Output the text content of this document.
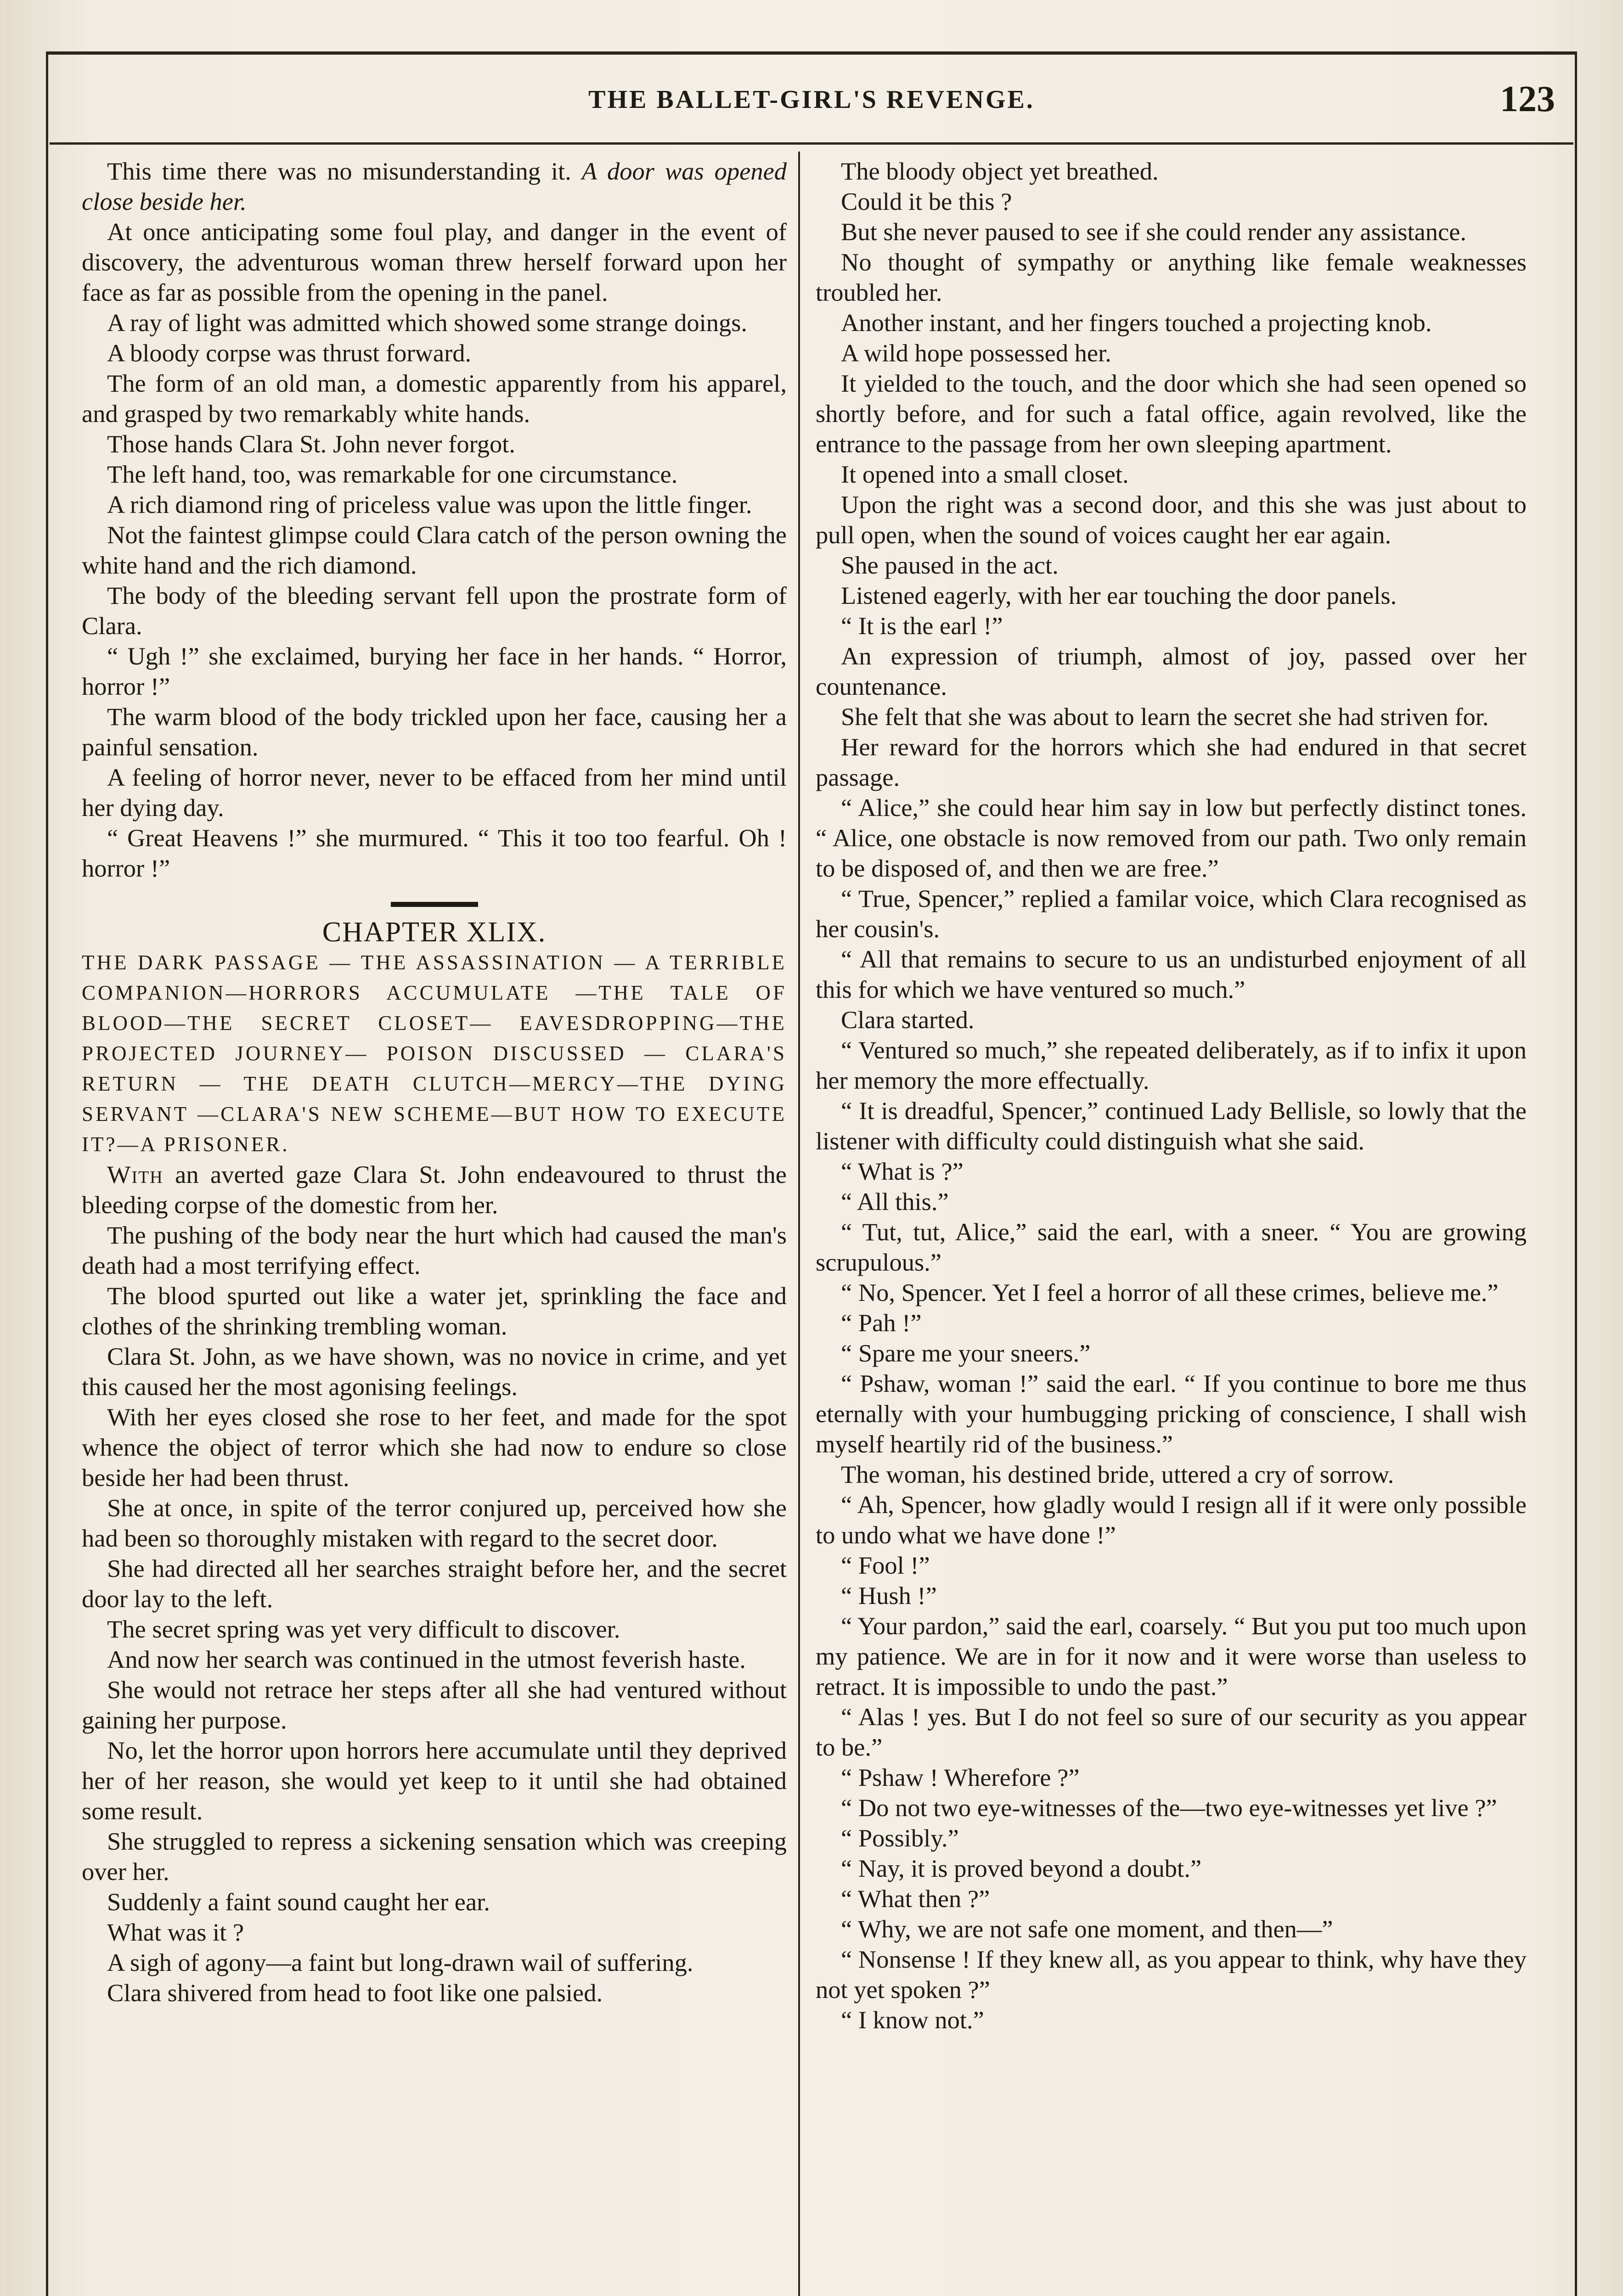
THE BALLET-GIRL'S REVENGE.	123

This time there was no misunderstanding it. A door was opened close beside her.

At once anticipating some foul play, and danger in the event of discovery, the adventurous woman threw herself forward upon her face as far as possible from the opening in the panel.

A ray of light was admitted which showed some strange doings.

A bloody corpse was thrust forward.

The form of an old man, a domestic apparently from his apparel, and grasped by two remarkably white hands.

Those hands Clara St. John never forgot.

The left hand, too, was remarkable for one circumstance.

A rich diamond ring of priceless value was upon the little finger.

Not the faintest glimpse could Clara catch of the person owning the white hand and the rich diamond.

The body of the bleeding servant fell upon the prostrate form of Clara.

“ Ugh !” she exclaimed, burying her face in her hands. “ Horror, horror !”

The warm blood of the body trickled upon her face, causing her a painful sensation.

A feeling of horror never, never to be effaced from her mind until her dying day.

“ Great Heavens !” she murmured. “ This it too too fearful. Oh ! horror !”

CHAPTER XLIX.

THE DARK PASSAGE — THE ASSASSINATION — A TERRIBLE COMPANION—HORRORS ACCUMULATE —THE TALE OF BLOOD—THE SECRET CLOSET— EAVESDROPPING—THE PROJECTED JOURNEY— POISON DISCUSSED — CLARA'S RETURN — THE DEATH CLUTCH—MERCY—THE DYING SERVANT —CLARA'S NEW SCHEME—BUT HOW TO EXECUTE IT?—A PRISONER.

With an averted gaze Clara St. John endeavoured to thrust the bleeding corpse of the domestic from her.

The pushing of the body near the hurt which had caused the man's death had a most terrifying effect.

The blood spurted out like a water jet, sprinkling the face and clothes of the shrinking trembling woman.

Clara St. John, as we have shown, was no novice in crime, and yet this caused her the most agonising feelings.

With her eyes closed she rose to her feet, and made for the spot whence the object of terror which she had now to endure so close beside her had been thrust.

She at once, in spite of the terror conjured up, perceived how she had been so thoroughly mistaken with regard to the secret door.

She had directed all her searches straight before her, and the secret door lay to the left.

The secret spring was yet very difficult to discover.

And now her search was continued in the utmost feverish haste.

She would not retrace her steps after all she had ventured without gaining her purpose.

No, let the horror upon horrors here accumulate until they deprived her of her reason, she would yet keep to it until she had obtained some result.

She struggled to repress a sickening sensation which was creeping over her.

Suddenly a faint sound caught her ear.

What was it ?

A sigh of agony—a faint but long-drawn wail of suffering.

Clara shivered from head to foot like one palsied.

The bloody object yet breathed.

Could it be this ?

But she never paused to see if she could render any assistance.

No thought of sympathy or anything like female weaknesses troubled her.

Another instant, and her fingers touched a projecting knob.

A wild hope possessed her.

It yielded to the touch, and the door which she had seen opened so shortly before, and for such a fatal office, again revolved, like the entrance to the passage from her own sleeping apartment.

It opened into a small closet.

Upon the right was a second door, and this she was just about to pull open, when the sound of voices caught her ear again.

She paused in the act.

Listened eagerly, with her ear touching the door panels.

“ It is the earl !”

An expression of triumph, almost of joy, passed over her countenance.

She felt that she was about to learn the secret she had striven for.

Her reward for the horrors which she had endured in that secret passage.

“ Alice,” she could hear him say in low but perfectly distinct tones. “ Alice, one obstacle is now removed from our path. Two only remain to be disposed of, and then we are free.”

“ True, Spencer,” replied a familar voice, which Clara recognised as her cousin's.

“ All that remains to secure to us an undisturbed enjoyment of all this for which we have ventured so much.”

Clara started.

“ Ventured so much,” she repeated deliberately, as if to infix it upon her memory the more effectually.

“ It is dreadful, Spencer,” continued Lady Bellisle, so lowly that the listener with difficulty could distinguish what she said.

“ What is ?”

“ All this.”

“ Tut, tut, Alice,” said the earl, with a sneer. “ You are growing scrupulous.”

“ No, Spencer. Yet I feel a horror of all these crimes, believe me.”

“ Pah !”

“ Spare me your sneers.”

“ Pshaw, woman !” said the earl. “ If you continue to bore me thus eternally with your humbugging pricking of conscience, I shall wish myself heartily rid of the business.”

The woman, his destined bride, uttered a cry of sorrow.

“ Ah, Spencer, how gladly would I resign all if it were only possible to undo what we have done !”

“ Fool !”

“ Hush !”

“ Your pardon,” said the earl, coarsely. “ But you put too much upon my patience. We are in for it now and it were worse than useless to retract. It is impossible to undo the past.”

“ Alas ! yes. But I do not feel so sure of our security as you appear to be.”

“ Pshaw ! Wherefore ?”

“ Do not two eye-witnesses of the—two eye-witnesses yet live ?”

“ Possibly.”

“ Nay, it is proved beyond a doubt.”

“ What then ?”

“ Why, we are not safe one moment, and then—”

“ Nonsense ! If they knew all, as you appear to think, why have they not yet spoken ?”

“ I know not.”
